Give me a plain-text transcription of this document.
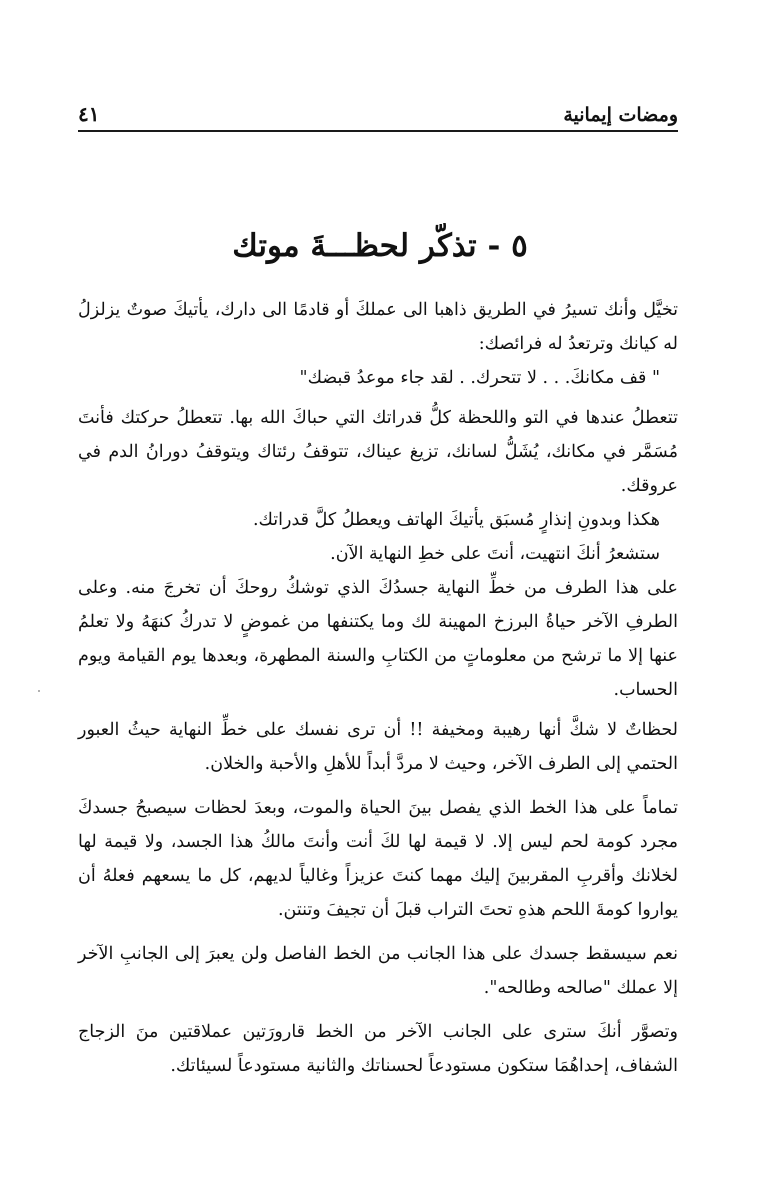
ومضات إيمانية
٤١
٥ - تذكّر لحظـــةَ موتك

تخيَّل وأنك تسيرُ في الطريق ذاهبا الى عملكَ أو قادمًا الى دارك، يأتيكَ صوتٌ يزلزلُ له كيانك وترتعدُ له فرائصك:

" قف مكانكَ. . . لا تتحرك. . لقد جاء موعدُ قبضك"

تتعطلُ عندها في التو واللحظة كلُّ قدراتك التي حباكَ الله بها. تتعطلُ حركتك فأنتَ مُسَمَّر في مكانك، يُشَلُّ لسانك، تزيغ عيناك، تتوقفُ رئتاك ويتوقفُ دورانُ الدم في عروقك.

هكذا وبدونِ إنذارٍ مُسبَق يأتيكَ الهاتف ويعطلُ كلَّ قدراتك.

ستشعرُ أنكَ انتهيت، أنتَ على خطِ النهاية الآن.

على هذا الطرف من خطِّ النهاية جسدُكَ الذي توشكُ روحكَ أن تخرجَ منه. وعلى الطرفِ الآخر حياةُ البرزخ المهينة لك وما يكتنفها من غموضٍ لا تدركُ كنهَهُ ولا تعلمُ عنها إلا ما ترشح من معلوماتٍ من الكتابِ والسنة المطهرة، وبعدها يوم القيامة ويوم الحساب.

لحظاتٌ لا شكَّ أنها رهيبة ومخيفة !! أن ترى نفسك على خطِّ النهاية حيثُ العبور الحتمي إلى الطرف الآخر، وحيث لا مردَّ أبداً للأهلِ والأحبة والخلان.

تماماً على هذا الخط الذي يفصل بينَ الحياة والموت، وبعدَ لحظات سيصبحُ جسدكَ مجرد كومة لحم ليس إلا. لا قيمة لها لكَ أنت وأنتَ مالكُ هذا الجسد، ولا قيمة لها لخلانك وأقربِ المقربينَ إليك مهما كنتَ عزيزاً وغالياً لديهم، كل ما يسعهم فعلهُ أن يواروا كومةَ اللحم هذهِ تحتَ التراب قبلَ أن تجيفَ وتنتن.

نعم سيسقط جسدك على هذا الجانب من الخط الفاصل ولن يعبرَ إلى الجانبِ الآخر إلا عملك "صالحه وطالحه".

وتصوَّر أنكَ سترى على الجانب الآخر من الخط قارورَتين عملاقتين منَ الزجاج الشفاف، إحداهُمَا ستكون مستودعاً لحسناتك والثانية مستودعاً لسيئاتك.
